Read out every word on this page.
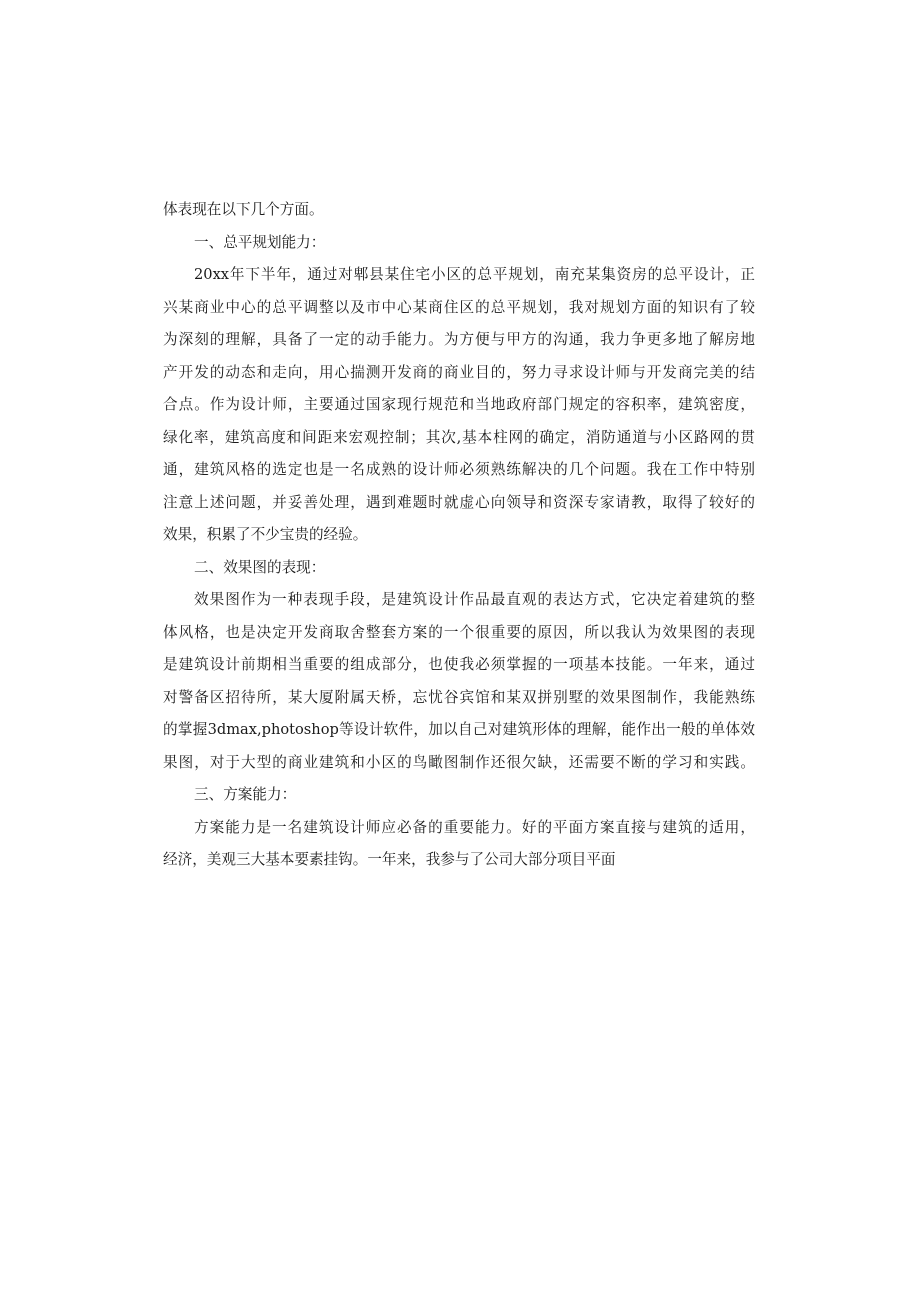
体表现在以下几个方面。
一、总平规划能力：
20xx年下半年，通过对郫县某住宅小区的总平规划，南充某集资房的总平设计，正
兴某商业中心的总平调整以及市中心某商住区的总平规划，我对规划方面的知识有了较
为深刻的理解，具备了一定的动手能力。为方便与甲方的沟通，我力争更多地了解房地
产开发的动态和走向，用心揣测开发商的商业目的，努力寻求设计师与开发商完美的结
合点。作为设计师，主要通过国家现行规范和当地政府部门规定的容积率，建筑密度，
绿化率，建筑高度和间距来宏观控制；其次,基本柱网的确定，消防通道与小区路网的贯
通，建筑风格的选定也是一名成熟的设计师必须熟练解决的几个问题。我在工作中特别
注意上述问题，并妥善处理，遇到难题时就虚心向领导和资深专家请教，取得了较好的
效果，积累了不少宝贵的经验。
二、效果图的表现：
效果图作为一种表现手段，是建筑设计作品最直观的表达方式，它决定着建筑的整
体风格，也是决定开发商取舍整套方案的一个很重要的原因，所以我认为效果图的表现
是建筑设计前期相当重要的组成部分，也使我必须掌握的一项基本技能。一年来，通过
对警备区招待所，某大厦附属天桥，忘忧谷宾馆和某双拼别墅的效果图制作，我能熟练
的掌握3dmax,photoshop等设计软件，加以自己对建筑形体的理解，能作出一般的单体效
果图，对于大型的商业建筑和小区的鸟瞰图制作还很欠缺，还需要不断的学习和实践。
三、方案能力：
方案能力是一名建筑设计师应必备的重要能力。好的平面方案直接与建筑的适用，
经济，美观三大基本要素挂钩。一年来，我参与了公司大部分项目平面
